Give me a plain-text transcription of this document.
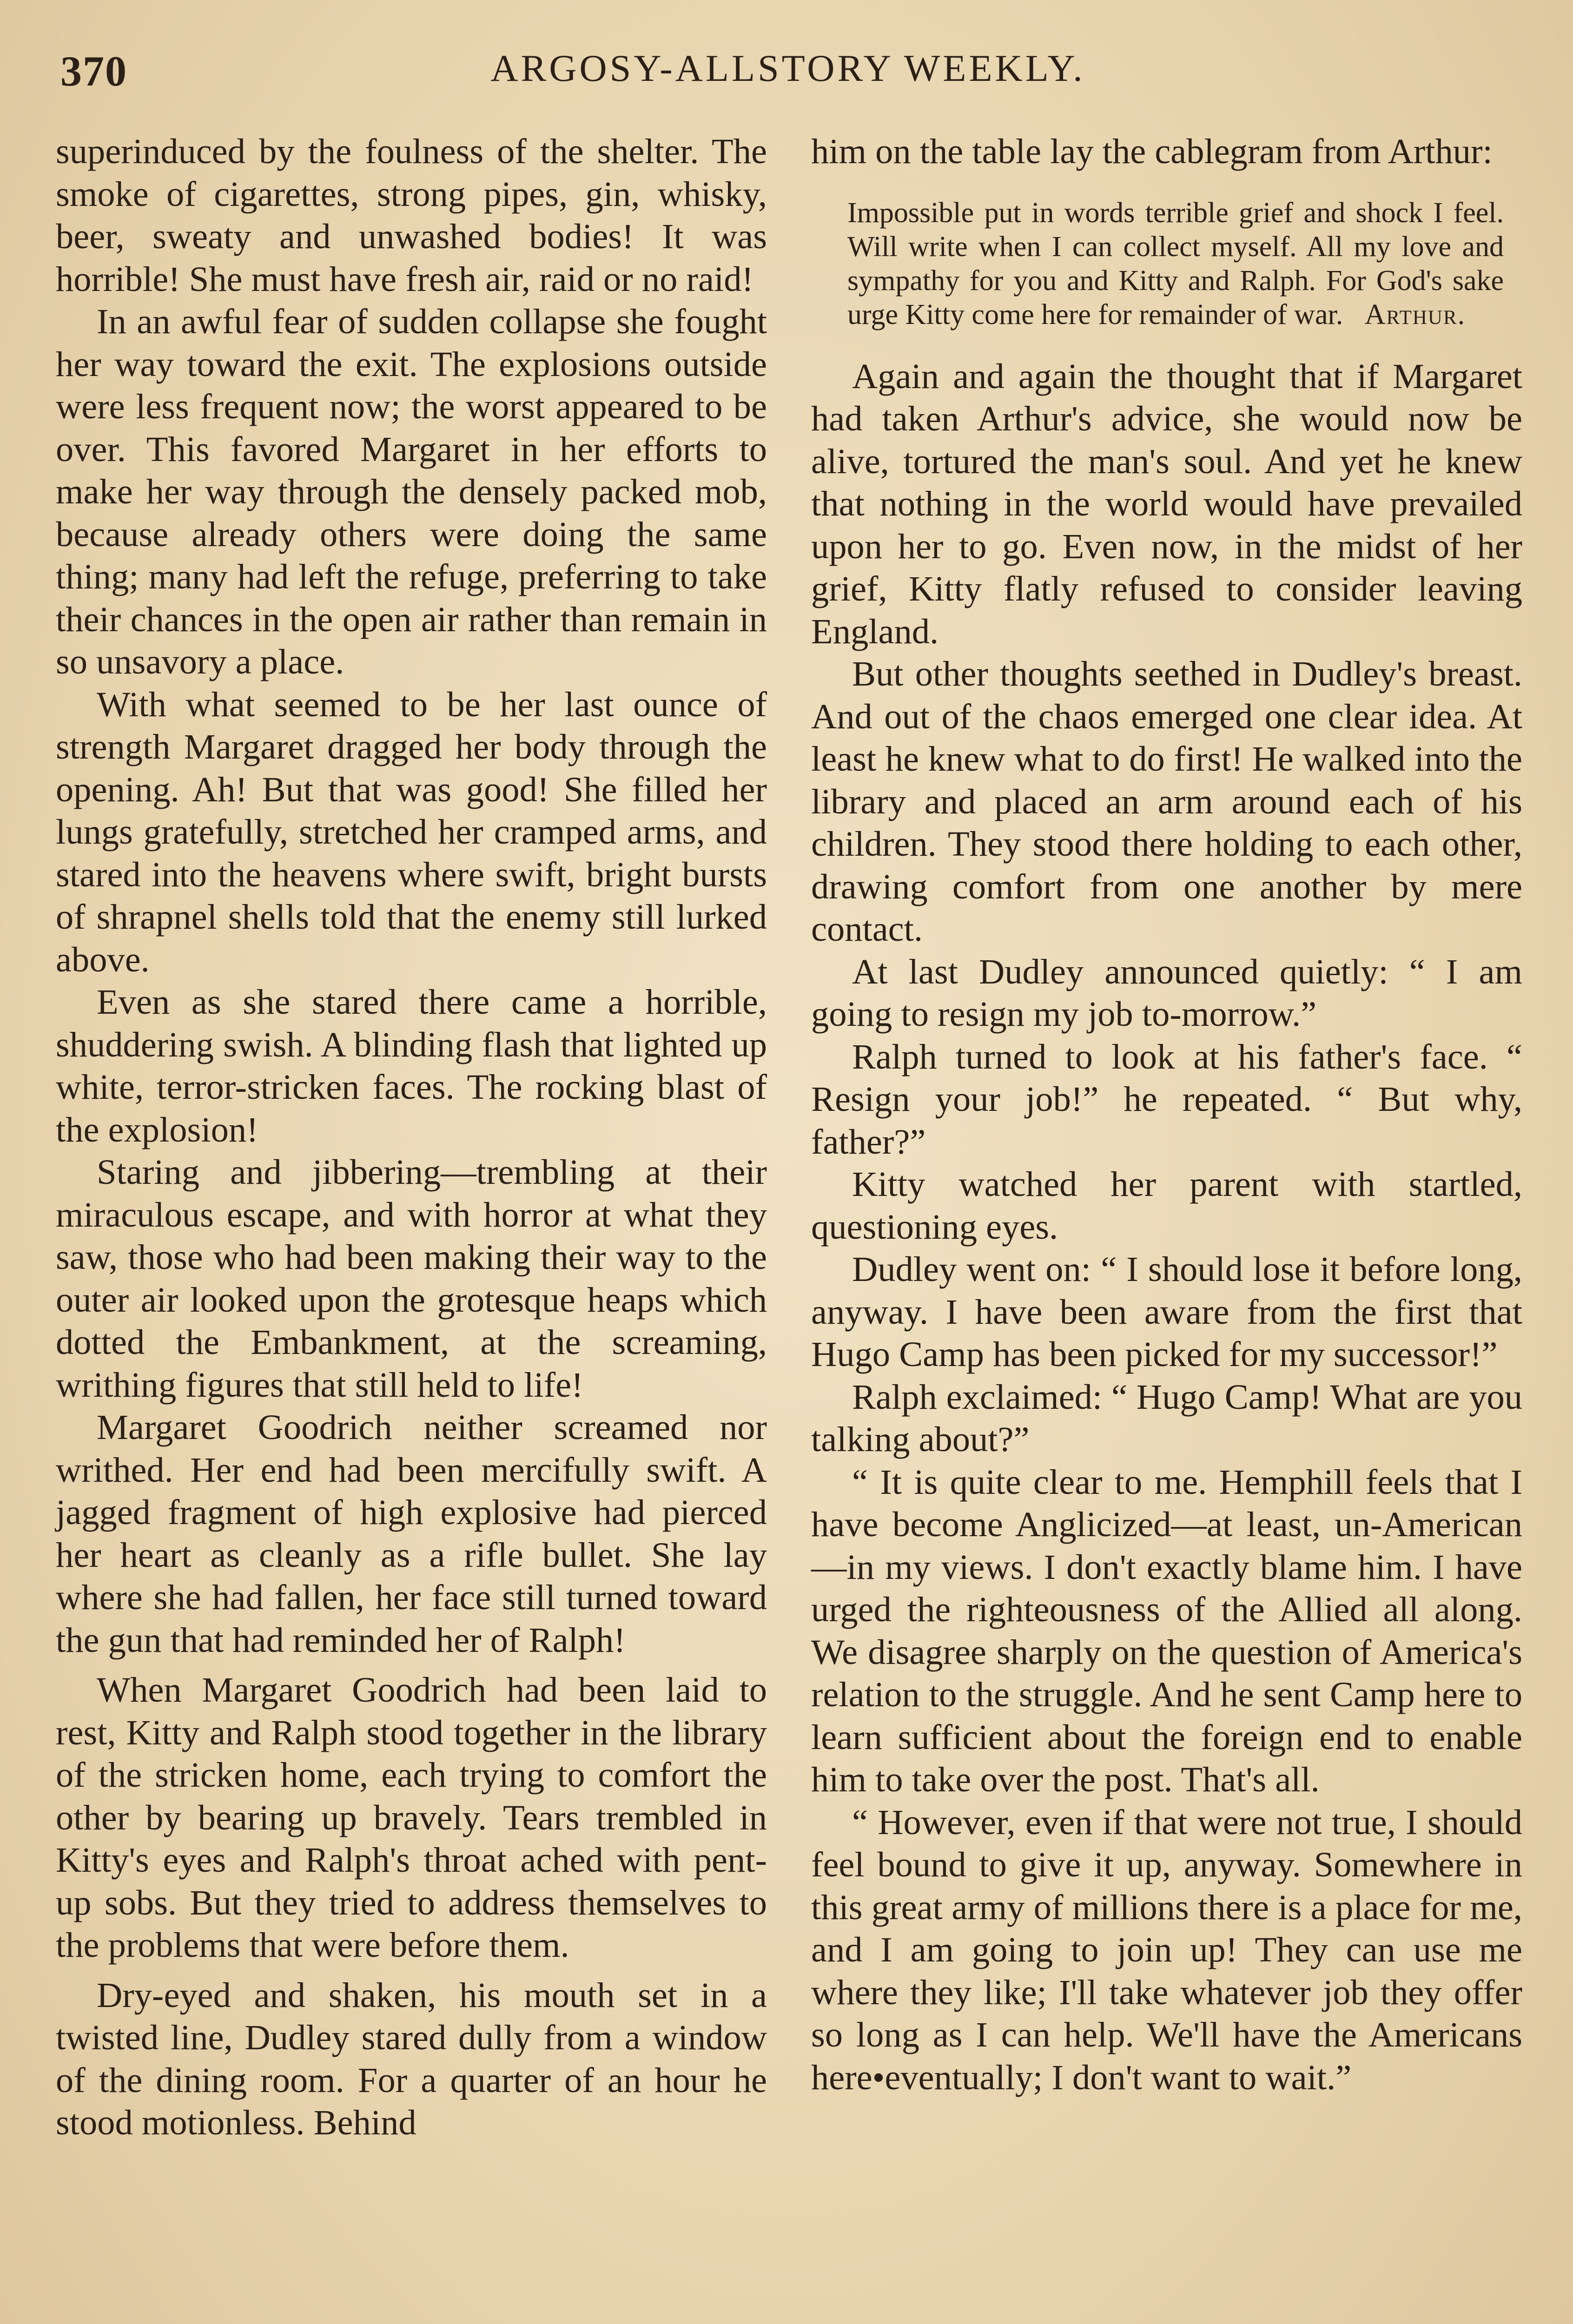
370	ARGOSY-ALLSTORY WEEKLY.

superinduced by the foulness of the shelter. The smoke of cigarettes, strong pipes, gin, whisky, beer, sweaty and unwashed bodies! It was horrible! She must have fresh air, raid or no raid!

In an awful fear of sudden collapse she fought her way toward the exit. The explosions outside were less frequent now; the worst appeared to be over. This favored Margaret in her efforts to make her way through the densely packed mob, because already others were doing the same thing; many had left the refuge, preferring to take their chances in the open air rather than remain in so unsavory a place.

With what seemed to be her last ounce of strength Margaret dragged her body through the opening. Ah! But that was good! She filled her lungs gratefully, stretched her cramped arms, and stared into the heavens where swift, bright bursts of shrapnel shells told that the enemy still lurked above.

Even as she stared there came a horrible, shuddering swish. A blinding flash that lighted up white, terror-stricken faces. The rocking blast of the explosion!

Staring and jibbering—trembling at their miraculous escape, and with horror at what they saw, those who had been making their way to the outer air looked upon the grotesque heaps which dotted the Embankment, at the screaming, writhing figures that still held to life!

Margaret Goodrich neither screamed nor writhed. Her end had been mercifully swift. A jagged fragment of high explosive had pierced her heart as cleanly as a rifle bullet. She lay where she had fallen, her face still turned toward the gun that had reminded her of Ralph!

When Margaret Goodrich had been laid to rest, Kitty and Ralph stood together in the library of the stricken home, each trying to comfort the other by bearing up bravely. Tears trembled in Kitty's eyes and Ralph's throat ached with pent-up sobs. But they tried to address themselves to the problems that were before them.

Dry-eyed and shaken, his mouth set in a twisted line, Dudley stared dully from a window of the dining room. For a quarter of an hour he stood motionless. Behind

him on the table lay the cablegram from Arthur:

Impossible put in words terrible grief and shock I feel. Will write when I can collect myself. All my love and sympathy for you and Kitty and Ralph. For God's sake urge Kitty come here for remainder of war. Arthur.

Again and again the thought that if Margaret had taken Arthur's advice, she would now be alive, tortured the man's soul. And yet he knew that nothing in the world would have prevailed upon her to go. Even now, in the midst of her grief, Kitty flatly refused to consider leaving England.

But other thoughts seethed in Dudley's breast. And out of the chaos emerged one clear idea. At least he knew what to do first! He walked into the library and placed an arm around each of his children. They stood there holding to each other, drawing comfort from one another by mere contact.

At last Dudley announced quietly: “ I am going to resign my job to-morrow.”

Ralph turned to look at his father's face. “ Resign your job!” he repeated. “ But why, father?”

Kitty watched her parent with startled, questioning eyes.

Dudley went on: “ I should lose it before long, anyway. I have been aware from the first that Hugo Camp has been picked for my successor!”

Ralph exclaimed: “ Hugo Camp! What are you talking about?”

“ It is quite clear to me. Hemphill feels that I have become Anglicized—at least, un-American—in my views. I don't exactly blame him. I have urged the righteousness of the Allied all along. We disagree sharply on the question of America's relation to the struggle. And he sent Camp here to learn sufficient about the foreign end to enable him to take over the post. That's all.

“ However, even if that were not true, I should feel bound to give it up, anyway. Somewhere in this great army of millions there is a place for me, and I am going to join up! They can use me where they like; I'll take whatever job they offer so long as I can help. We'll have the Americans here•eventually; I don't want to wait.”
